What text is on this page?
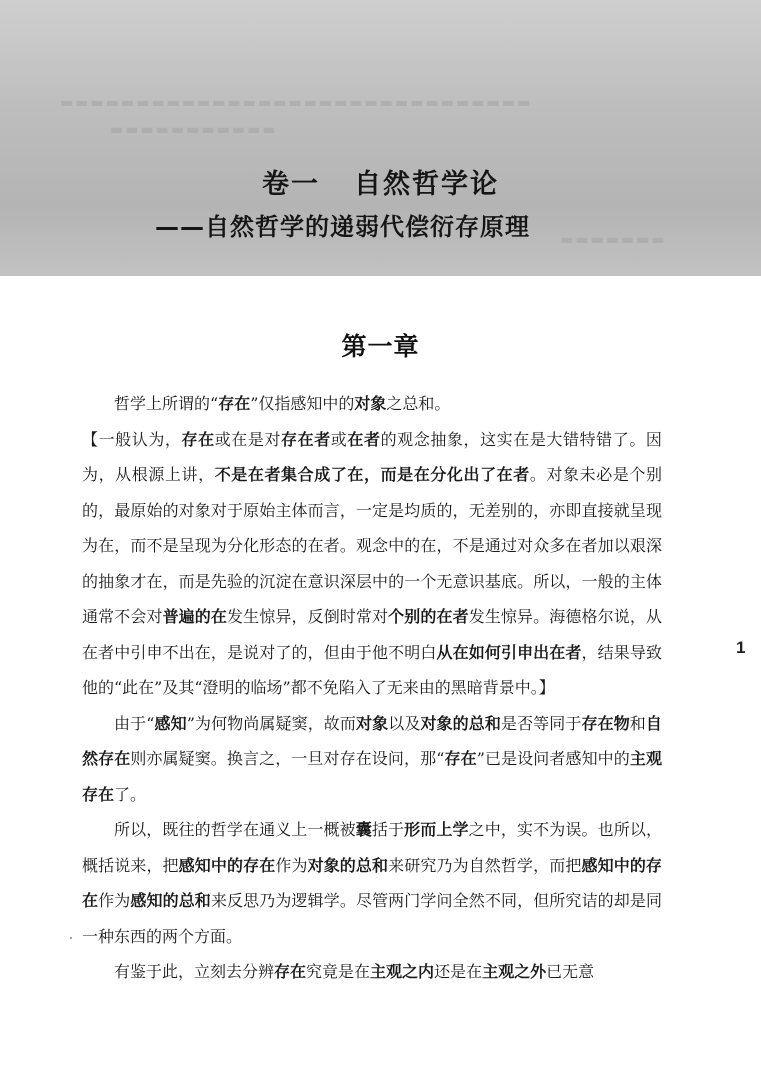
▬▬▬▬▬▬▬▬▬▬▬▬▬▬▬▬▬▬▬▬▬▬▬▬▬▬▬▬▬▬▬
▬▬▬▬▬▬▬▬▬▬▬
▬▬▬▬▬▬▬
卷一 自然哲学论
——自然哲学的递弱代偿衍存原理
第一章

哲学上所谓的“存在”仅指感知中的对象之总和。

【一般认为，存在或在是对存在者或在者的观念抽象，这实在是大错特错了。因为，从根源上讲，不是在者集合成了在，而是在分化出了在者。对象未必是个别的，最原始的对象对于原始主体而言，一定是均质的，无差别的，亦即直接就呈现为在，而不是呈现为分化形态的在者。观念中的在，不是通过对众多在者加以艰深的抽象才在，而是先验的沉淀在意识深层中的一个无意识基底。所以，一般的主体通常不会对普遍的在发生惊异，反倒时常对个别的在者发生惊异。海德格尔说，从在者中引申不出在，是说对了的，但由于他不明白从在如何引申出在者，结果导致他的“此在”及其“澄明的临场”都不免陷入了无来由的黑暗背景中。】

由于“感知”为何物尚属疑窦，故而对象以及对象的总和是否等同于存在物和自然存在则亦属疑窦。换言之，一旦对存在设问，那“存在”已是设问者感知中的主观存在了。

所以，既往的哲学在通义上一概被囊括于形而上学之中，实不为误。也所以，概括说来，把感知中的存在作为对象的总和来研究乃为自然哲学，而把感知中的存在作为感知的总和来反思乃为逻辑学。尽管两门学问全然不同，但所究诘的却是同一种东西的两个方面。

有鉴于此，立刻去分辨存在究竟是在主观之内还是在主观之外已无意

1
